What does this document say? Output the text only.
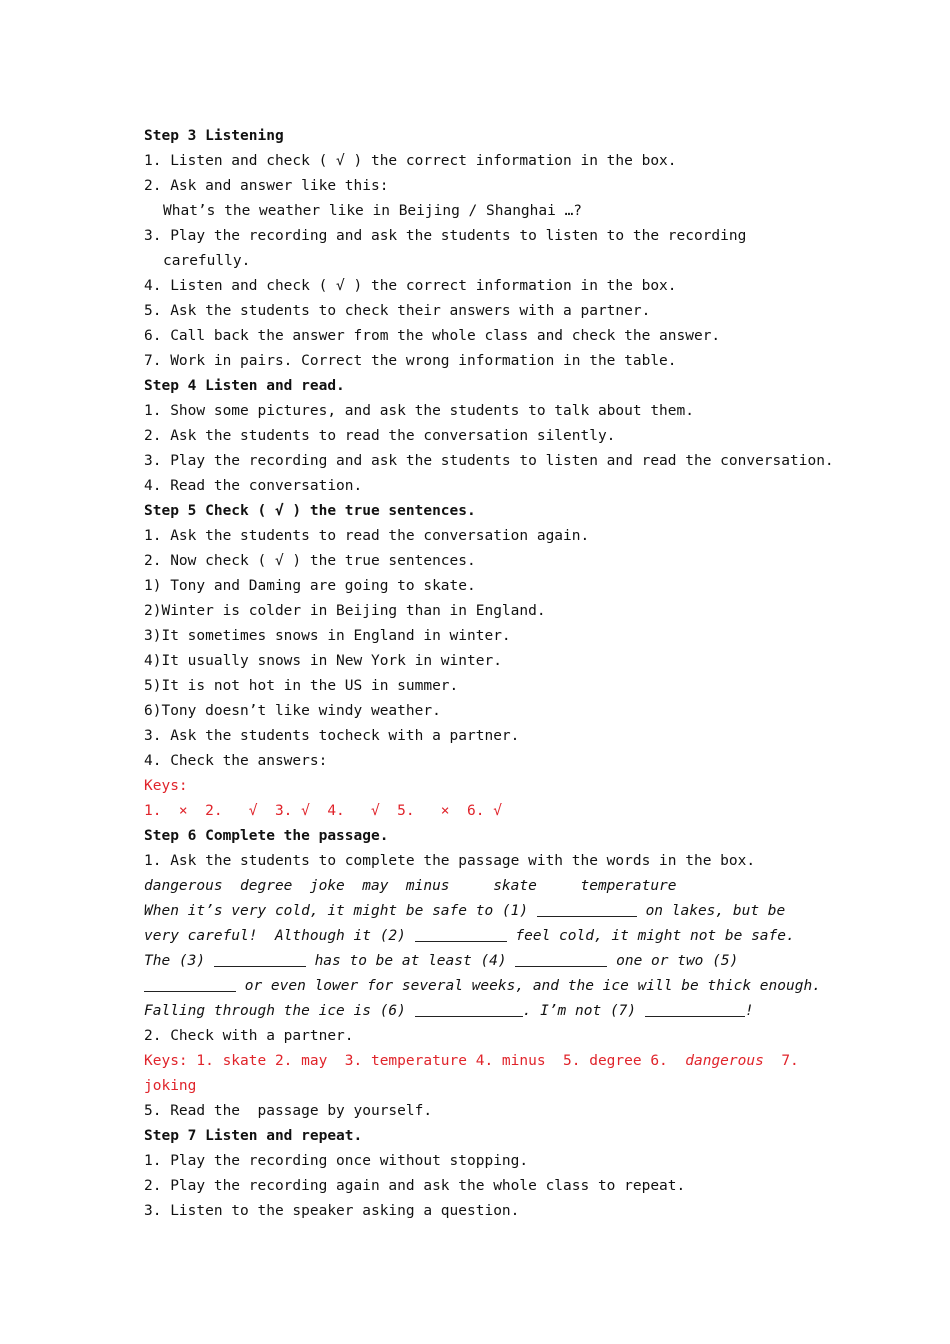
Step 3 Listening
1. Listen and check ( √ ) the correct information in the box.
2. Ask and answer like this:
What’s the weather like in Beijing / Shanghai …?
3. Play the recording and ask the students to listen to the recording
carefully.
4. Listen and check ( √ ) the correct information in the box.
5. Ask the students to check their answers with a partner.
6. Call back the answer from the whole class and check the answer.
7. Work in pairs. Correct the wrong information in the table.
Step 4 Listen and read.
1. Show some pictures, and ask the students to talk about them.
2. Ask the students to read the conversation silently.
3. Play the recording and ask the students to listen and read the conversation.
4. Read the conversation.
Step 5 Check ( √ ) the true sentences.
1. Ask the students to read the conversation again.
2. Now check ( √ ) the true sentences.
1) Tony and Daming are going to skate.
2)Winter is colder in Beijing than in England.
3)It sometimes snows in England in winter.
4)It usually snows in New York in winter.
5)It is not hot in the US in summer.
6)Tony doesn’t like windy weather.
3. Ask the students tocheck with a partner.
4. Check the answers:
Keys:
1.  ×  2.   √  3. √  4.   √  5.   ×  6. √
Step 6 Complete the passage.
1. Ask the students to complete the passage with the words in the box.
dangerous  degree  joke  may  minus     skate     temperature
When it’s very cold, it might be safe to (1)	on lakes, but be
very careful!  Although it (2)	feel cold, it might not be safe.
The (3)	has to be at least (4)	one or two (5)
or even lower for several weeks, and the ice will be thick enough.
Falling through the ice is (6)	. I’m not (7)	!
2. Check with a partner.
Keys: 1. skate 2. may  3. temperature 4. minus  5. degree 6. dangerous 7.
joking
5. Read the  passage by yourself.
Step 7 Listen and repeat.
1. Play the recording once without stopping.
2. Play the recording again and ask the whole class to repeat.
3. Listen to the speaker asking a question.
